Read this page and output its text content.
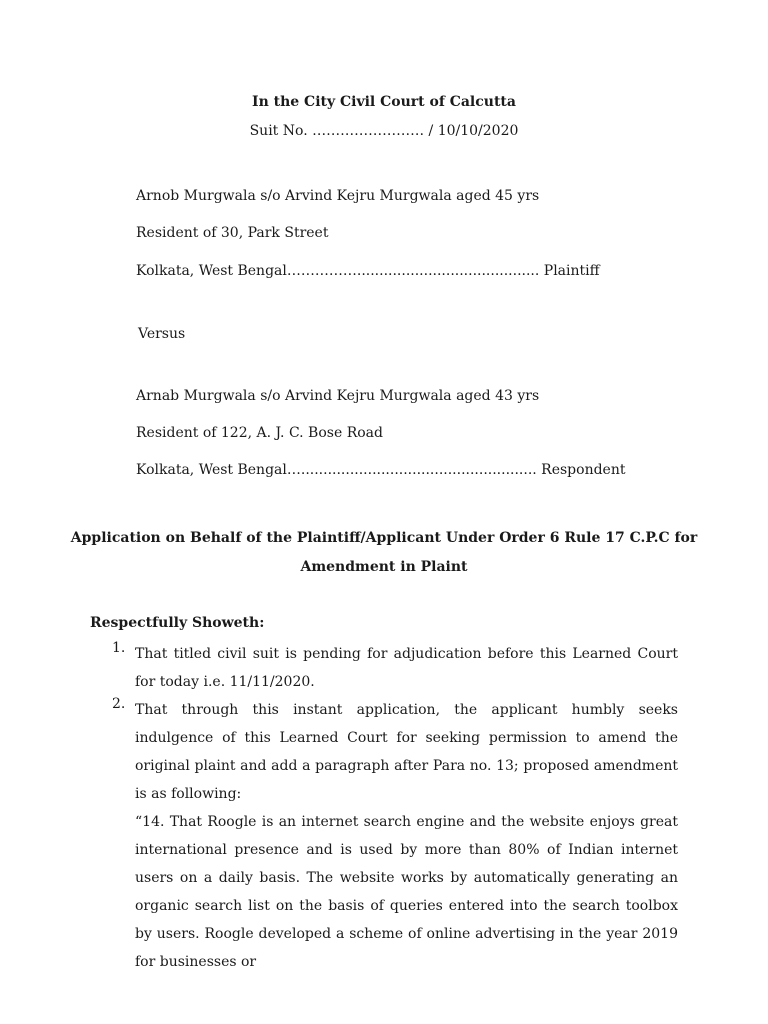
In the City Civil Court of Calcutta
Suit No. …………………… / 10/10/2020
Arnob Murgwala s/o Arvind Kejru Murgwala aged 45 yrs
Resident of 30, Park Street
Kolkata, West Bengal……………......................................... Plaintiff
Versus
Arnab Murgwala s/o Arvind Kejru Murgwala aged 43 yrs
Resident of 122, A. J. C. Bose Road
Kolkata, West Bengal…..................................................... Respondent
Application on Behalf of the Plaintiff/Applicant Under Order 6 Rule 17 C.P.C for
Amendment in Plaint
Respectfully Showeth:
1. That titled civil suit is pending for adjudication before this Learned Court for today i.e. 11/11/2020.

2. That through this instant application, the applicant humbly seeks indulgence of this Learned Court for seeking permission to amend the original plaint and add a paragraph after Para no. 13; proposed amendment is as following:

“14. That Roogle is an internet search engine and the website enjoys great international presence and is used by more than 80% of Indian internet users on a daily basis. The website works by automatically generating an organic search list on the basis of queries entered into the search toolbox by users. Roogle developed a scheme of online advertising in the year 2019 for businesses or
